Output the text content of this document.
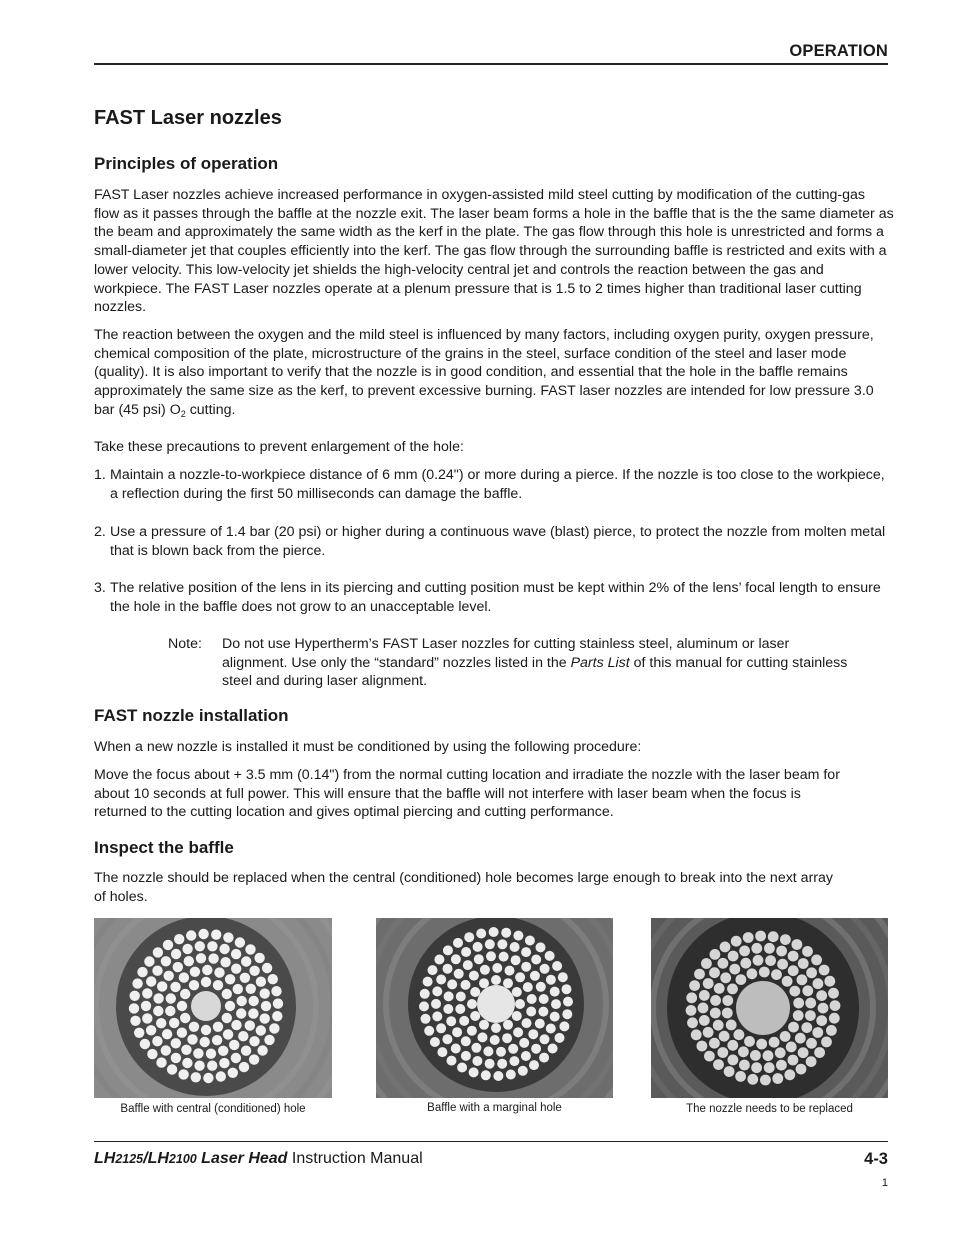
OPERATION
FAST Laser nozzles
Principles of operation

FAST Laser nozzles achieve increased performance in oxygen-assisted mild steel cutting by modification of the cutting-gas flow as it passes through the baffle at the nozzle exit. The laser beam forms a hole in the baffle that is the the same diameter as the beam and approximately the same width as the kerf in the plate. The gas flow through this hole is unrestricted and forms a small-diameter jet that couples efficiently into the kerf. The gas flow through the surrounding baffle is restricted and exits with a lower velocity. This low-velocity jet shields the high-velocity central jet and controls the reaction between the gas and workpiece. The FAST Laser nozzles operate at a plenum pressure that is 1.5 to 2 times higher than traditional laser cutting nozzles.

The reaction between the oxygen and the mild steel is influenced by many factors, including oxygen purity, oxygen pressure, chemical composition of the plate, microstructure of the grains in the steel, surface condition of the steel and laser mode (quality). It is also important to verify that the nozzle is in good condition, and essential that the hole in the baffle remains approximately the same size as the kerf, to prevent excessive burning. FAST laser nozzles are intended for low pressure 3.0 bar (45 psi) $O_2$ cutting.

Take these precautions to prevent enlargement of the hole:

1. Maintain a nozzle-to-workpiece distance of 6 mm (0.24") or more during a pierce. If the nozzle is too close to the workpiece, a reflection during the first 50 milliseconds can damage the baffle.
2. Use a pressure of 1.4 bar (20 psi) or higher during a continuous wave (blast) pierce, to protect the nozzle from molten metal that is blown back from the pierce.
3. The relative position of the lens in its piercing and cutting position must be kept within 2% of the lens’ focal length to ensure the hole in the baffle does not grow to an unacceptable level.
Note: Do not use Hypertherm’s FAST Laser nozzles for cutting stainless steel, aluminum or laser alignment. Use only the “standard” nozzles listed in the Parts List of this manual for cutting stainless steel and during laser alignment.
FAST nozzle installation

When a new nozzle is installed it must be conditioned by using the following procedure:

Move the focus about + 3.5 mm (0.14") from the normal cutting location and irradiate the nozzle with the laser beam for about 10 seconds at full power. This will ensure that the baffle will not interfere with laser beam when the focus is returned to the cutting location and gives optimal piercing and cutting performance.

Inspect the baffle

The nozzle should be replaced when the central (conditioned) hole becomes large enough to break into the next array of holes.

Baffle with central (conditioned) hole	Baffle with a marginal hole	The nozzle needs to be replaced
LH2125/LH2100 Laser Head Instruction Manual	4-3
1
